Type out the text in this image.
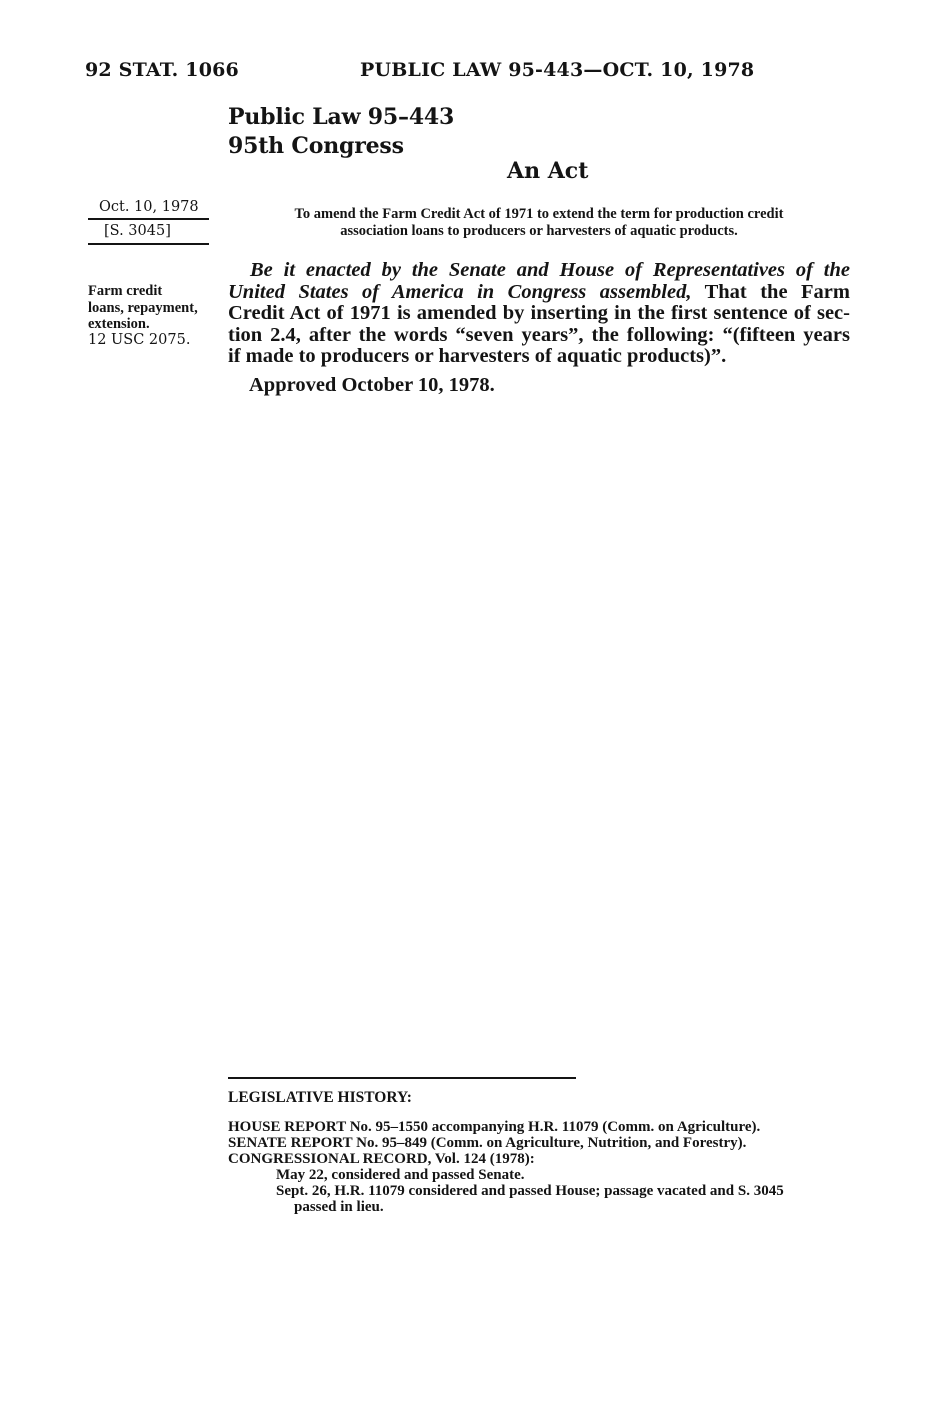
92 STAT. 1066	PUBLIC LAW 95-443—OCT. 10, 1978
Public Law 95–443
95th Congress
An Act
Oct. 10, 1978
[S. 3045]
Farm credit
loans, repayment,
extension.
12 USC 2075.
To amend the Farm Credit Act of 1971 to extend the term for production credit
association loans to producers or harvesters of aquatic products.
Be it enacted by the Senate and House of Representatives of the
United States of America in Congress assembled, That the Farm
Credit Act of 1971 is amended by inserting in the first sentence of sec-
tion 2.4, after the words “seven years”, the following: “(fifteen years
if made to producers or harvesters of aquatic products)”.
Approved October 10, 1978.
LEGISLATIVE HISTORY:
HOUSE REPORT No. 95–1550 accompanying H.R. 11079 (Comm. on Agriculture).
SENATE REPORT No. 95–849 (Comm. on Agriculture, Nutrition, and Forestry).
CONGRESSIONAL RECORD, Vol. 124 (1978):
May 22, considered and passed Senate.
Sept. 26, H.R. 11079 considered and passed House; passage vacated and S. 3045
passed in lieu.
